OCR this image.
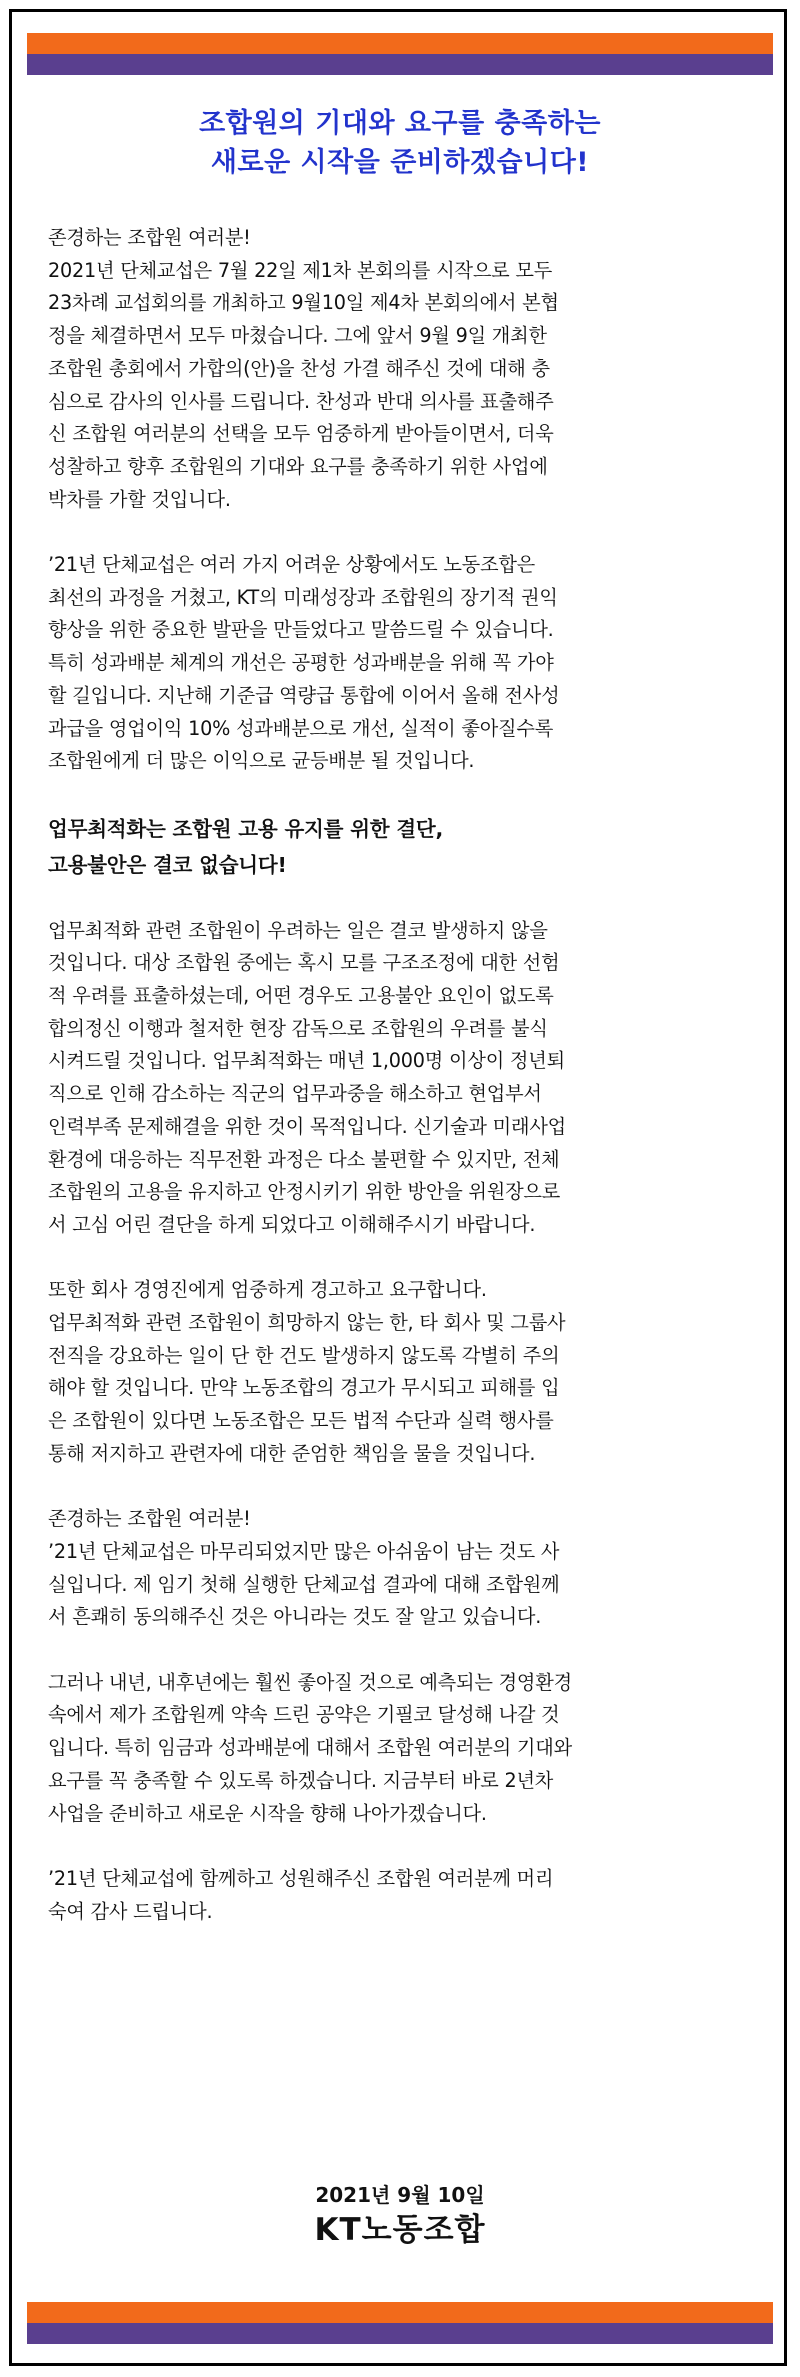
조합원의 기대와 요구를 충족하는
새로운 시작을 준비하겠습니다!

존경하는 조합원 여러분!
2021년 단체교섭은 7월 22일 제1차 본회의를 시작으로 모두
23차례 교섭회의를 개최하고 9월10일 제4차 본회의에서 본협
정을 체결하면서 모두 마쳤습니다. 그에 앞서 9월 9일 개최한
조합원 총회에서 가합의(안)을 찬성 가결 해주신 것에 대해 충
심으로 감사의 인사를 드립니다. 찬성과 반대 의사를 표출해주
신 조합원 여러분의 선택을 모두 엄중하게 받아들이면서, 더욱
성찰하고 향후 조합원의 기대와 요구를 충족하기 위한 사업에
박차를 가할 것입니다.

’21년 단체교섭은 여러 가지 어려운 상황에서도 노동조합은
최선의 과정을 거쳤고, KT의 미래성장과 조합원의 장기적 권익
향상을 위한 중요한 발판을 만들었다고 말씀드릴 수 있습니다.
특히 성과배분 체계의 개선은 공평한 성과배분을 위해 꼭 가야
할 길입니다. 지난해 기준급 역량급 통합에 이어서 올해 전사성
과급을 영업이익 10% 성과배분으로 개선, 실적이 좋아질수록
조합원에게 더 많은 이익으로 균등배분 될 것입니다.

업무최적화는 조합원 고용 유지를 위한 결단,
고용불안은 결코 없습니다!

업무최적화 관련 조합원이 우려하는 일은 결코 발생하지 않을
것입니다. 대상 조합원 중에는 혹시 모를 구조조정에 대한 선험
적 우려를 표출하셨는데, 어떤 경우도 고용불안 요인이 없도록
합의정신 이행과 철저한 현장 감독으로 조합원의 우려를 불식
시켜드릴 것입니다. 업무최적화는 매년 1,000명 이상이 정년퇴
직으로 인해 감소하는 직군의 업무과중을 해소하고 현업부서
인력부족 문제해결을 위한 것이 목적입니다. 신기술과 미래사업
환경에 대응하는 직무전환 과정은 다소 불편할 수 있지만, 전체
조합원의 고용을 유지하고 안정시키기 위한 방안을 위원장으로
서 고심 어린 결단을 하게 되었다고 이해해주시기 바랍니다.

또한 회사 경영진에게 엄중하게 경고하고 요구합니다.
업무최적화 관련 조합원이 희망하지 않는 한, 타 회사 및 그룹사
전직을 강요하는 일이 단 한 건도 발생하지 않도록 각별히 주의
해야 할 것입니다. 만약 노동조합의 경고가 무시되고 피해를 입
은 조합원이 있다면 노동조합은 모든 법적 수단과 실력 행사를
통해 저지하고 관련자에 대한 준엄한 책임을 물을 것입니다.

존경하는 조합원 여러분!
’21년 단체교섭은 마무리되었지만 많은 아쉬움이 남는 것도 사
실입니다. 제 임기 첫해 실행한 단체교섭 결과에 대해 조합원께
서 흔쾌히 동의해주신 것은 아니라는 것도 잘 알고 있습니다.

그러나 내년, 내후년에는 훨씬 좋아질 것으로 예측되는 경영환경
속에서 제가 조합원께 약속 드린 공약은 기필코 달성해 나갈 것
입니다. 특히 임금과 성과배분에 대해서 조합원 여러분의 기대와
요구를 꼭 충족할 수 있도록 하겠습니다. 지금부터 바로 2년차
사업을 준비하고 새로운 시작을 향해 나아가겠습니다.

’21년 단체교섭에 함께하고 성원해주신 조합원 여러분께 머리
숙여 감사 드립니다.

2021년 9월 10일

KT노동조합
